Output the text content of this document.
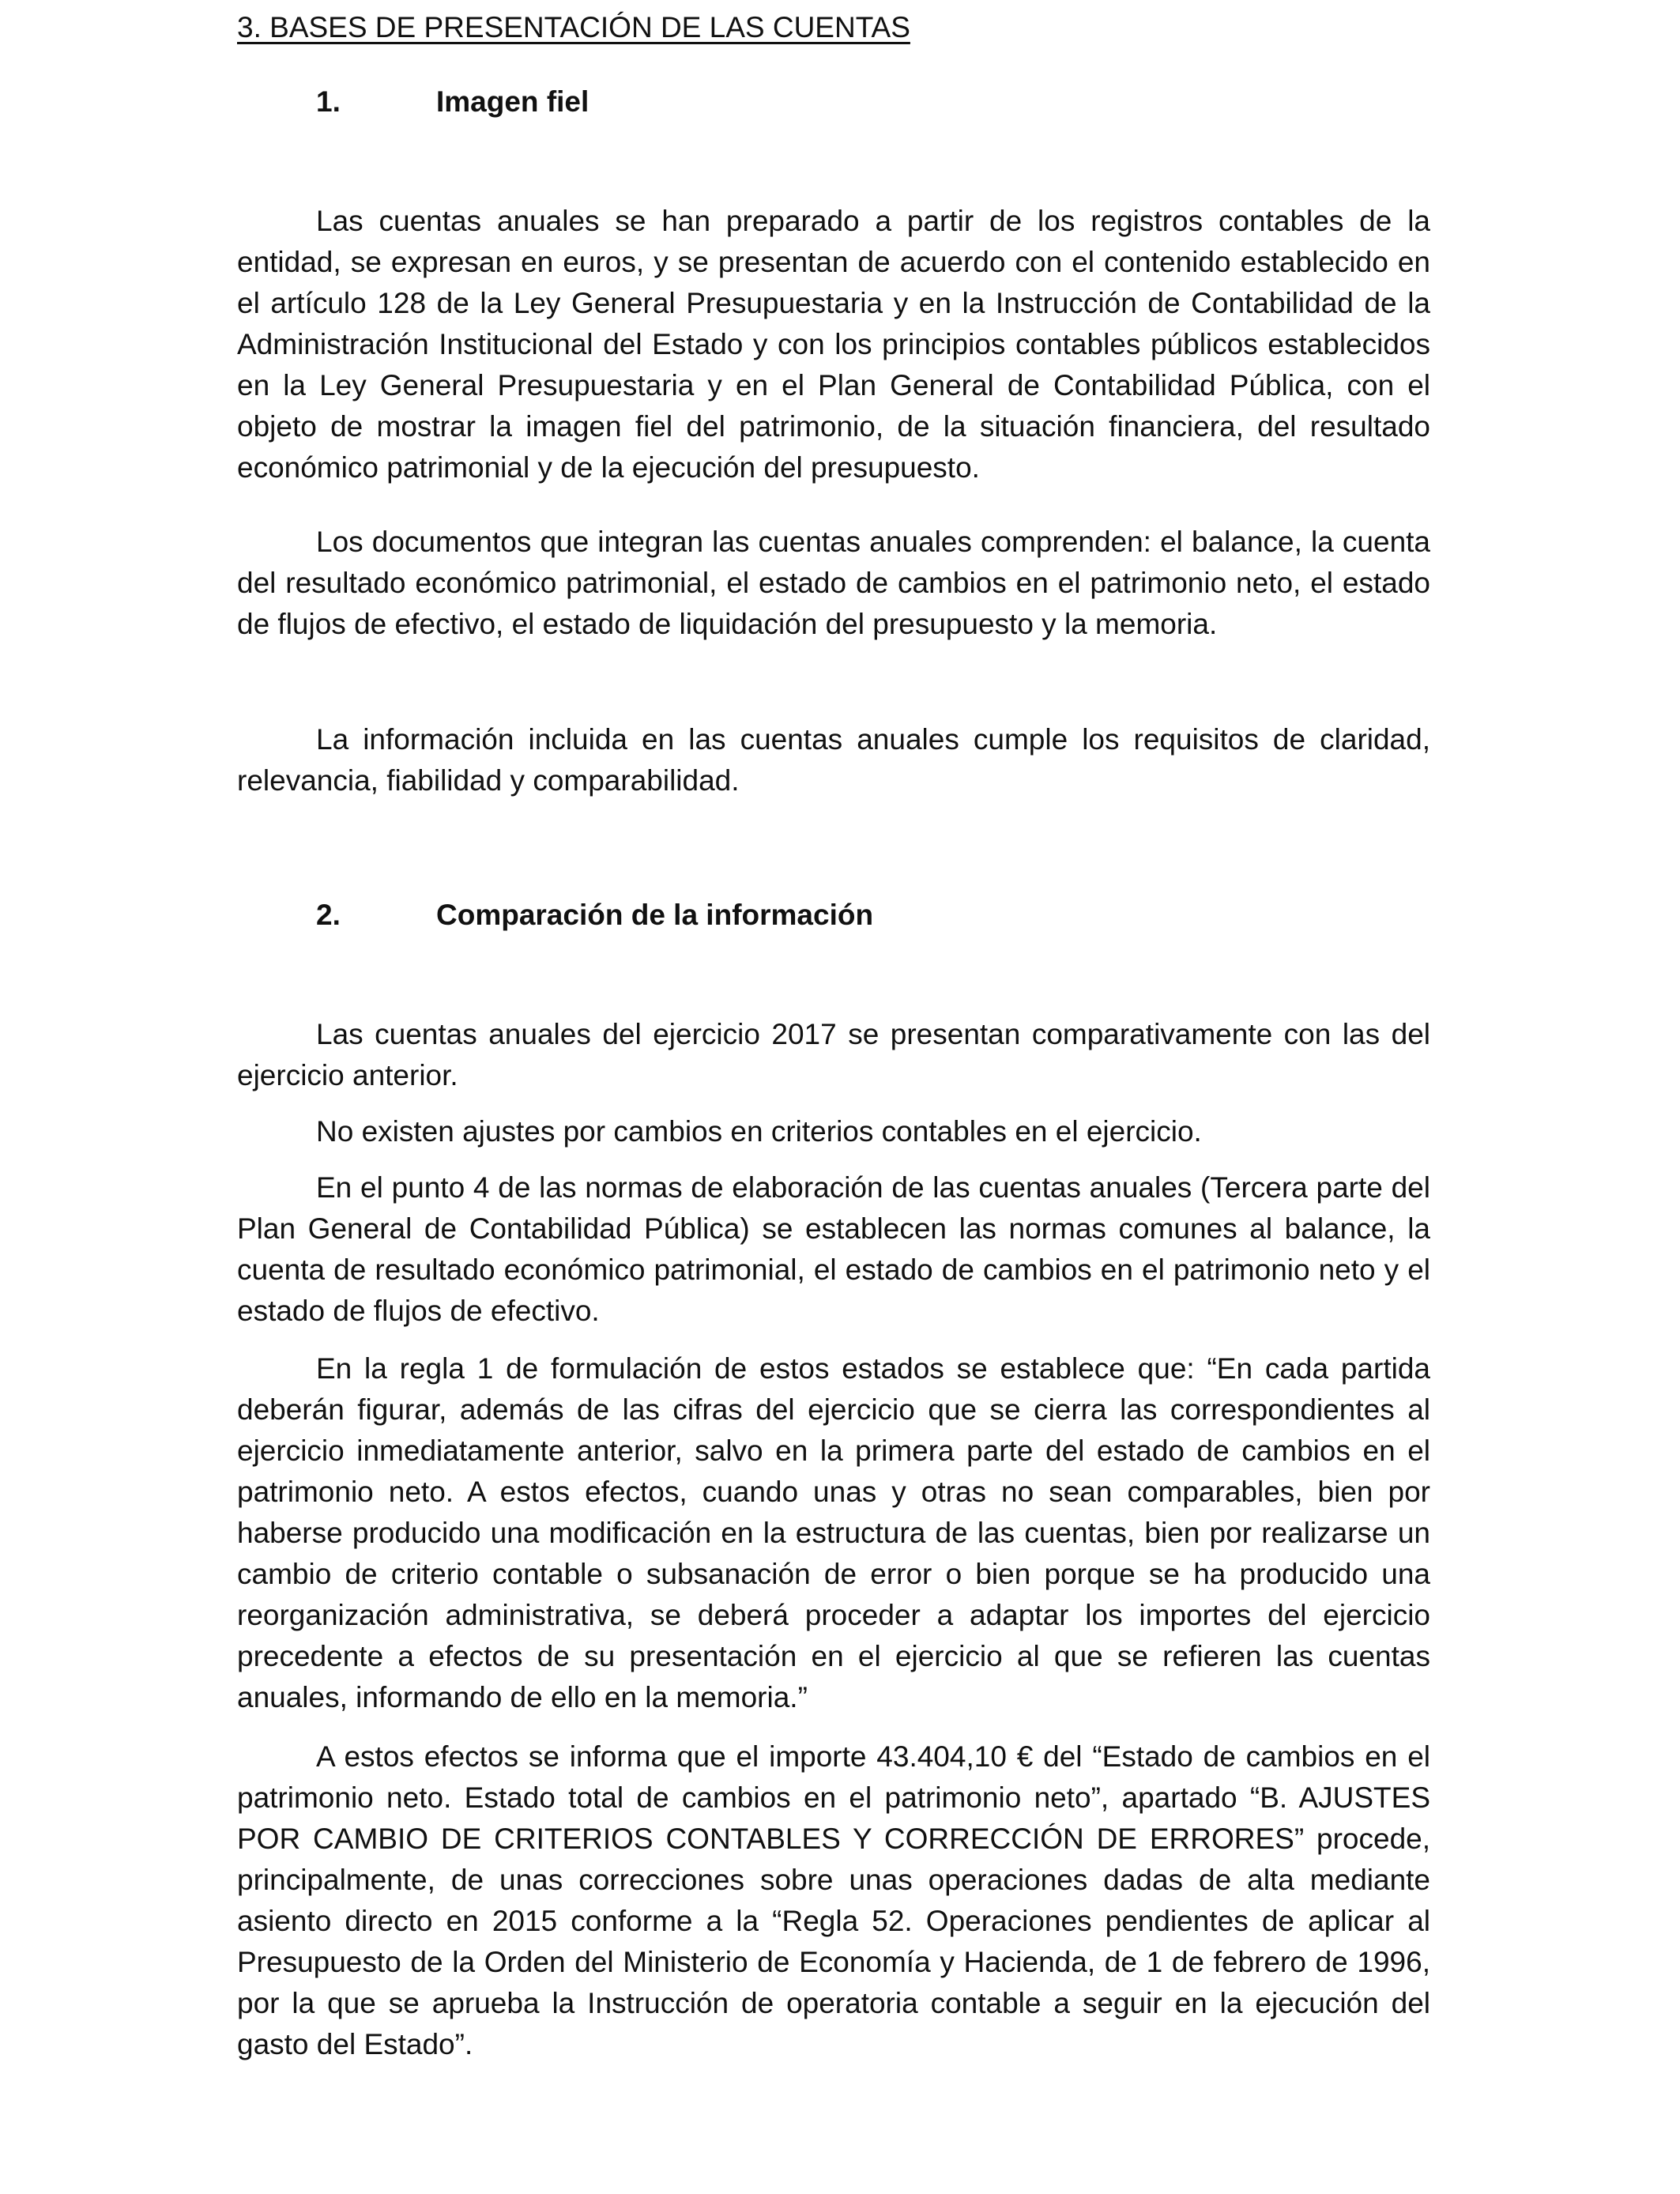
3. BASES DE PRESENTACIÓN DE LAS CUENTAS
1.	Imagen fiel

Las cuentas anuales se han preparado a partir de los registros contables de la entidad, se expresan en euros, y se presentan de acuerdo con el contenido establecido en el artículo 128 de la Ley General Presupuestaria y en la Instrucción de Contabilidad de la Administración Institucional del Estado y con los principios contables públicos establecidos en la Ley General Presupuestaria y en el Plan General de Contabilidad Pública, con el objeto de mostrar la imagen fiel del patrimonio, de la situación financiera, del resultado económico patrimonial y de la ejecución del presupuesto.

Los documentos que integran las cuentas anuales comprenden: el balance, la cuenta del resultado económico patrimonial, el estado de cambios en el patrimonio neto, el estado de flujos de efectivo, el estado de liquidación del presupuesto y la memoria.

La información incluida en las cuentas anuales cumple los requisitos de claridad, relevancia, fiabilidad y comparabilidad.

2.	Comparación de la información

Las cuentas anuales del ejercicio 2017 se presentan comparativamente con las del ejercicio anterior.

No existen ajustes por cambios en criterios contables en el ejercicio.

En el punto 4 de las normas de elaboración de las cuentas anuales (Tercera parte del Plan General de Contabilidad Pública) se establecen las normas comunes al balance, la cuenta de resultado económico patrimonial, el estado de cambios en el patrimonio neto y el estado de flujos de efectivo.

En la regla 1 de formulación de estos estados se establece que: “En cada partida deberán figurar, además de las cifras del ejercicio que se cierra las correspondientes al ejercicio inmediatamente anterior, salvo en la primera parte del estado de cambios en el patrimonio neto. A estos efectos, cuando unas y otras no sean comparables, bien por haberse producido una modificación en la estructura de las cuentas, bien por realizarse un cambio de criterio contable o subsanación de error o bien porque se ha producido una reorganización administrativa, se deberá proceder a adaptar los importes del ejercicio precedente a efectos de su presentación en el ejercicio al que se refieren las cuentas anuales, informando de ello en la memoria.”

A estos efectos se informa que el importe 43.404,10 € del “Estado de cambios en el patrimonio neto. Estado total de cambios en el patrimonio neto”, apartado “B. AJUSTES POR CAMBIO DE CRITERIOS CONTABLES Y CORRECCIÓN DE ERRORES” procede, principalmente, de unas correcciones sobre unas operaciones dadas de alta mediante asiento directo en 2015 conforme a la “Regla 52. Operaciones pendientes de aplicar al Presupuesto de la Orden del Ministerio de Economía y Hacienda, de 1 de febrero de 1996, por la que se aprueba la Instrucción de operatoria contable a seguir en la ejecución del gasto del Estado”.
